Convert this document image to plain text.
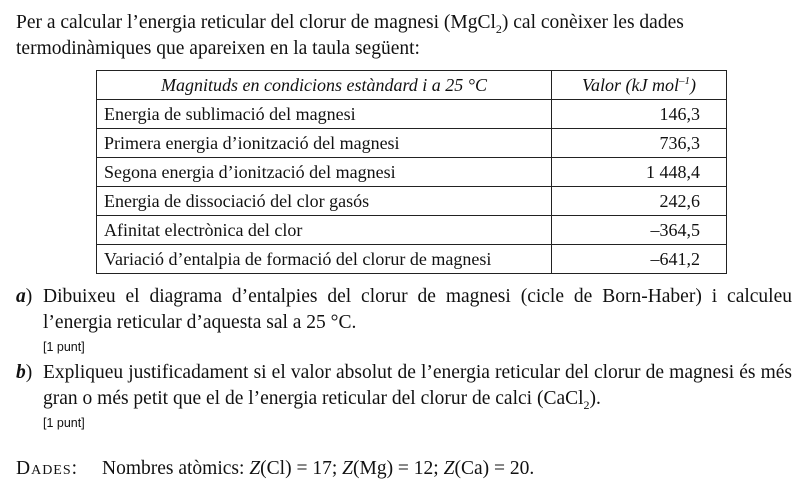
Per a calcular l’energia reticular del clorur de magnesi (MgCl$_2$) cal conèixer les dades termodinàmiques que apareixen en la taula següent:

Magnituds en condicions estàndard i a 25 °C	Valor (kJ mol$^{-1}$)
Energia de sublimació del magnesi	146,3
Primera energia d’ionització del magnesi	736,3
Segona energia d’ionització del magnesi	1 448,4
Energia de dissociació del clor gasós	242,6
Afinitat electrònica del clor	–364,5
Variació d’entalpia de formació del clorur de magnesi	–641,2
a) Dibuixeu el diagrama d’entalpies del clorur de magnesi (cicle de Born-Haber) i calculeu l’energia reticular d’aquesta sal a 25 °C.
[1 punt]
b) Expliqueu justificadament si el valor absolut de l’energia reticular del clorur de magnesi és més gran o més petit que el de l’energia reticular del clorur de calci (CaCl$_2$).
[1 punt]
Dades: Nombres atòmics: Z(Cl) = 17; Z(Mg) = 12; Z(Ca) = 20.
